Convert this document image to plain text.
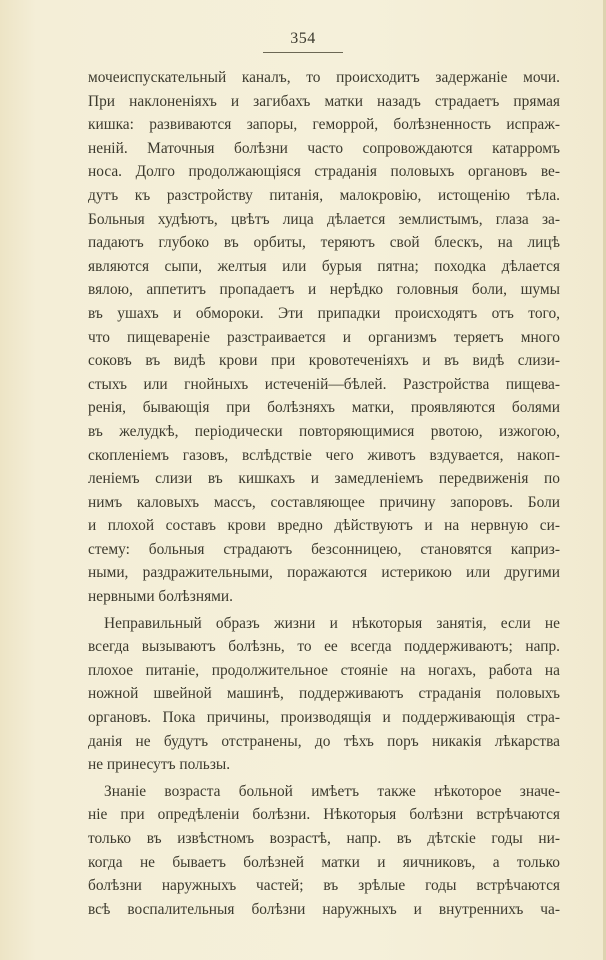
354
мочеиспускательный каналъ, то происходитъ задержаніе мочи.
При наклоненіяхъ и загибахъ матки назадъ страдаетъ прямая
кишка: развиваются запоры, геморрой, болѣзненность испраж-
неній. Маточныя болѣзни часто сопровождаются катарромъ
носа. Долго продолжающіяся страданія половыхъ органовъ ве-
дутъ къ разстройству питанія, малокровію, истощенію тѣла.
Больныя худѣютъ, цвѣтъ лица дѣлается землистымъ, глаза за-
падаютъ глубоко въ орбиты, теряютъ свой блескъ, на лицѣ
являются сыпи, желтыя или бурыя пятна; походка дѣлается
вялою, аппетитъ пропадаетъ и нерѣдко головныя боли, шумы
въ ушахъ и обмороки. Эти припадки происходятъ отъ того,
что пищевареніе разстраивается и организмъ теряетъ много
соковъ въ видѣ крови при кровотеченіяхъ и въ видѣ слизи-
стыхъ или гнойныхъ истеченій—бѣлей. Разстройства пищева-
ренія, бывающія при болѣзняхъ матки, проявляются болями
въ желудкѣ, періодически повторяющимися рвотою, изжогою,
скопленіемъ газовъ, вслѣдствіе чего животъ вздувается, накоп-
леніемъ слизи въ кишкахъ и замедленіемъ передвиженія по
нимъ каловыхъ массъ, составляющее причину запоровъ. Боли
и плохой составъ крови вредно дѣйствуютъ и на нервную си-
стему: больныя страдаютъ безсонницею, становятся каприз-
ными, раздражительными, поражаются истерикою или другими
нервными болѣзнями.
Неправильный образъ жизни и нѣкоторыя занятія, если не
всегда вызываютъ болѣзнь, то ее всегда поддерживаютъ; напр.
плохое питаніе, продолжительное стояніе на ногахъ, работа на
ножной швейной машинѣ, поддерживаютъ страданія половыхъ
органовъ. Пока причины, производящія и поддерживающія стра-
данія не будутъ отстранены, до тѣхъ поръ никакія лѣкарства
не принесутъ пользы.
Знаніе возраста больной имѣетъ также нѣкоторое значе-
ніе при опредѣленіи болѣзни. Нѣкоторыя болѣзни встрѣчаются
только въ извѣстномъ возрастѣ, напр. въ дѣтскіе годы ни-
когда не бываетъ болѣзней матки и яичниковъ, а только
болѣзни наружныхъ частей; въ зрѣлые годы встрѣчаются
всѣ воспалительныя болѣзни наружныхъ и внутреннихъ ча-
